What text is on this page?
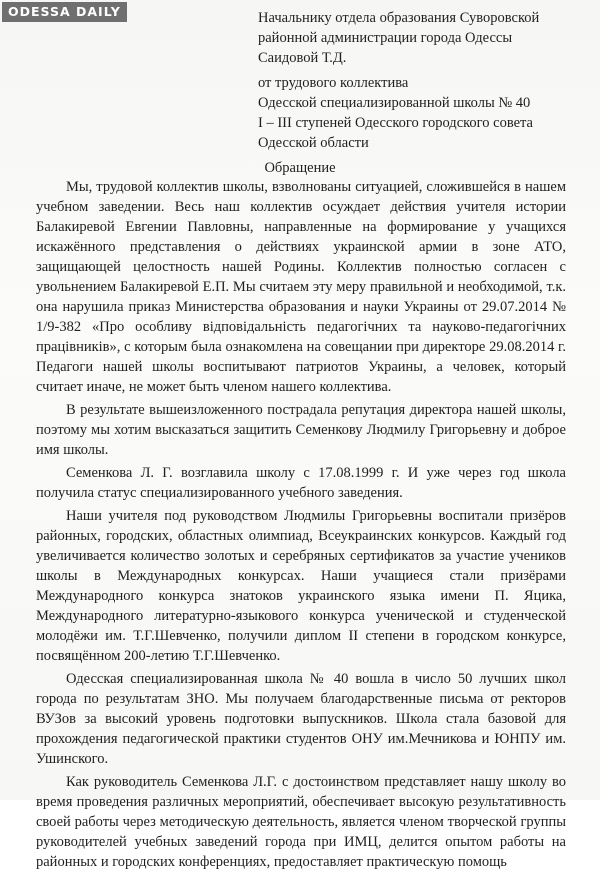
ODESSA DAILY	Начальнику отдела образования Суворовской
районной администрации города Одессы
Саидовой Т.Д.
от трудового коллектива
Одесской специализированной школы № 40
I – III ступеней Одесского городского совета
Одесской области
Обращение

Мы, трудовой коллектив школы, взволнованы ситуацией, сложившейся в нашем учебном заведении. Весь наш коллектив осуждает действия учителя истории Балакиревой Евгении Павловны, направленные на формирование у учащихся искажённого представления о действиях украинской армии в зоне АТО, защищающей целостность нашей Родины. Коллектив полностью согласен с увольнением Балакиревой Е.П. Мы считаем эту меру правильной и необходимой, т.к. она нарушила приказ Министерства образования и науки Украины от 29.07.2014 № 1/9-382 «Про особливу відповідальність педагогічних та науково-педагогічних працівників», с которым была ознакомлена на совещании при директоре 29.08.2014 г. Педагоги нашей школы воспитывают патриотов Украины, а человек, который считает иначе, не может быть членом нашего коллектива.

В результате вышеизложенного пострадала репутация директора нашей школы, поэтому мы хотим высказаться защитить Семенкову Людмилу Григорьевну и доброе имя школы.

Семенкова Л. Г. возглавила школу с 17.08.1999 г. И уже через год школа получила статус специализированного учебного заведения.

Наши учителя под руководством Людмилы Григорьевны воспитали призёров районных, городских, областных олимпиад, Всеукраинских конкурсов. Каждый год увеличивается количество золотых и серебряных сертификатов за участие учеников школы в Международных конкурсах. Наши учащиеся стали призёрами Международного конкурса знатоков украинского языка имени П. Яцика, Международного литературно-языкового конкурса ученической и студенческой молодёжи им. Т.Г.Шевченко, получили диплом II степени в городском конкурсе, посвящённом 200-летию Т.Г.Шевченко.

Одесская специализированная школа № 40 вошла в число 50 лучших школ города по результатам ЗНО. Мы получаем благодарственные письма от ректоров ВУЗов за высокий уровень подготовки выпускников. Школа стала базовой для прохождения педагогической практики студентов ОНУ им.Мечникова и ЮНПУ им. Ушинского.

Как руководитель Семенкова Л.Г. с достоинством представляет нашу школу во время проведения различных мероприятий, обеспечивает высокую результативность своей работы через методическую деятельность, является членом творческой группы руководителей учебных заведений города при ИМЦ, делится опытом работы на районных и городских конференциях, предоставляет практическую помощь
